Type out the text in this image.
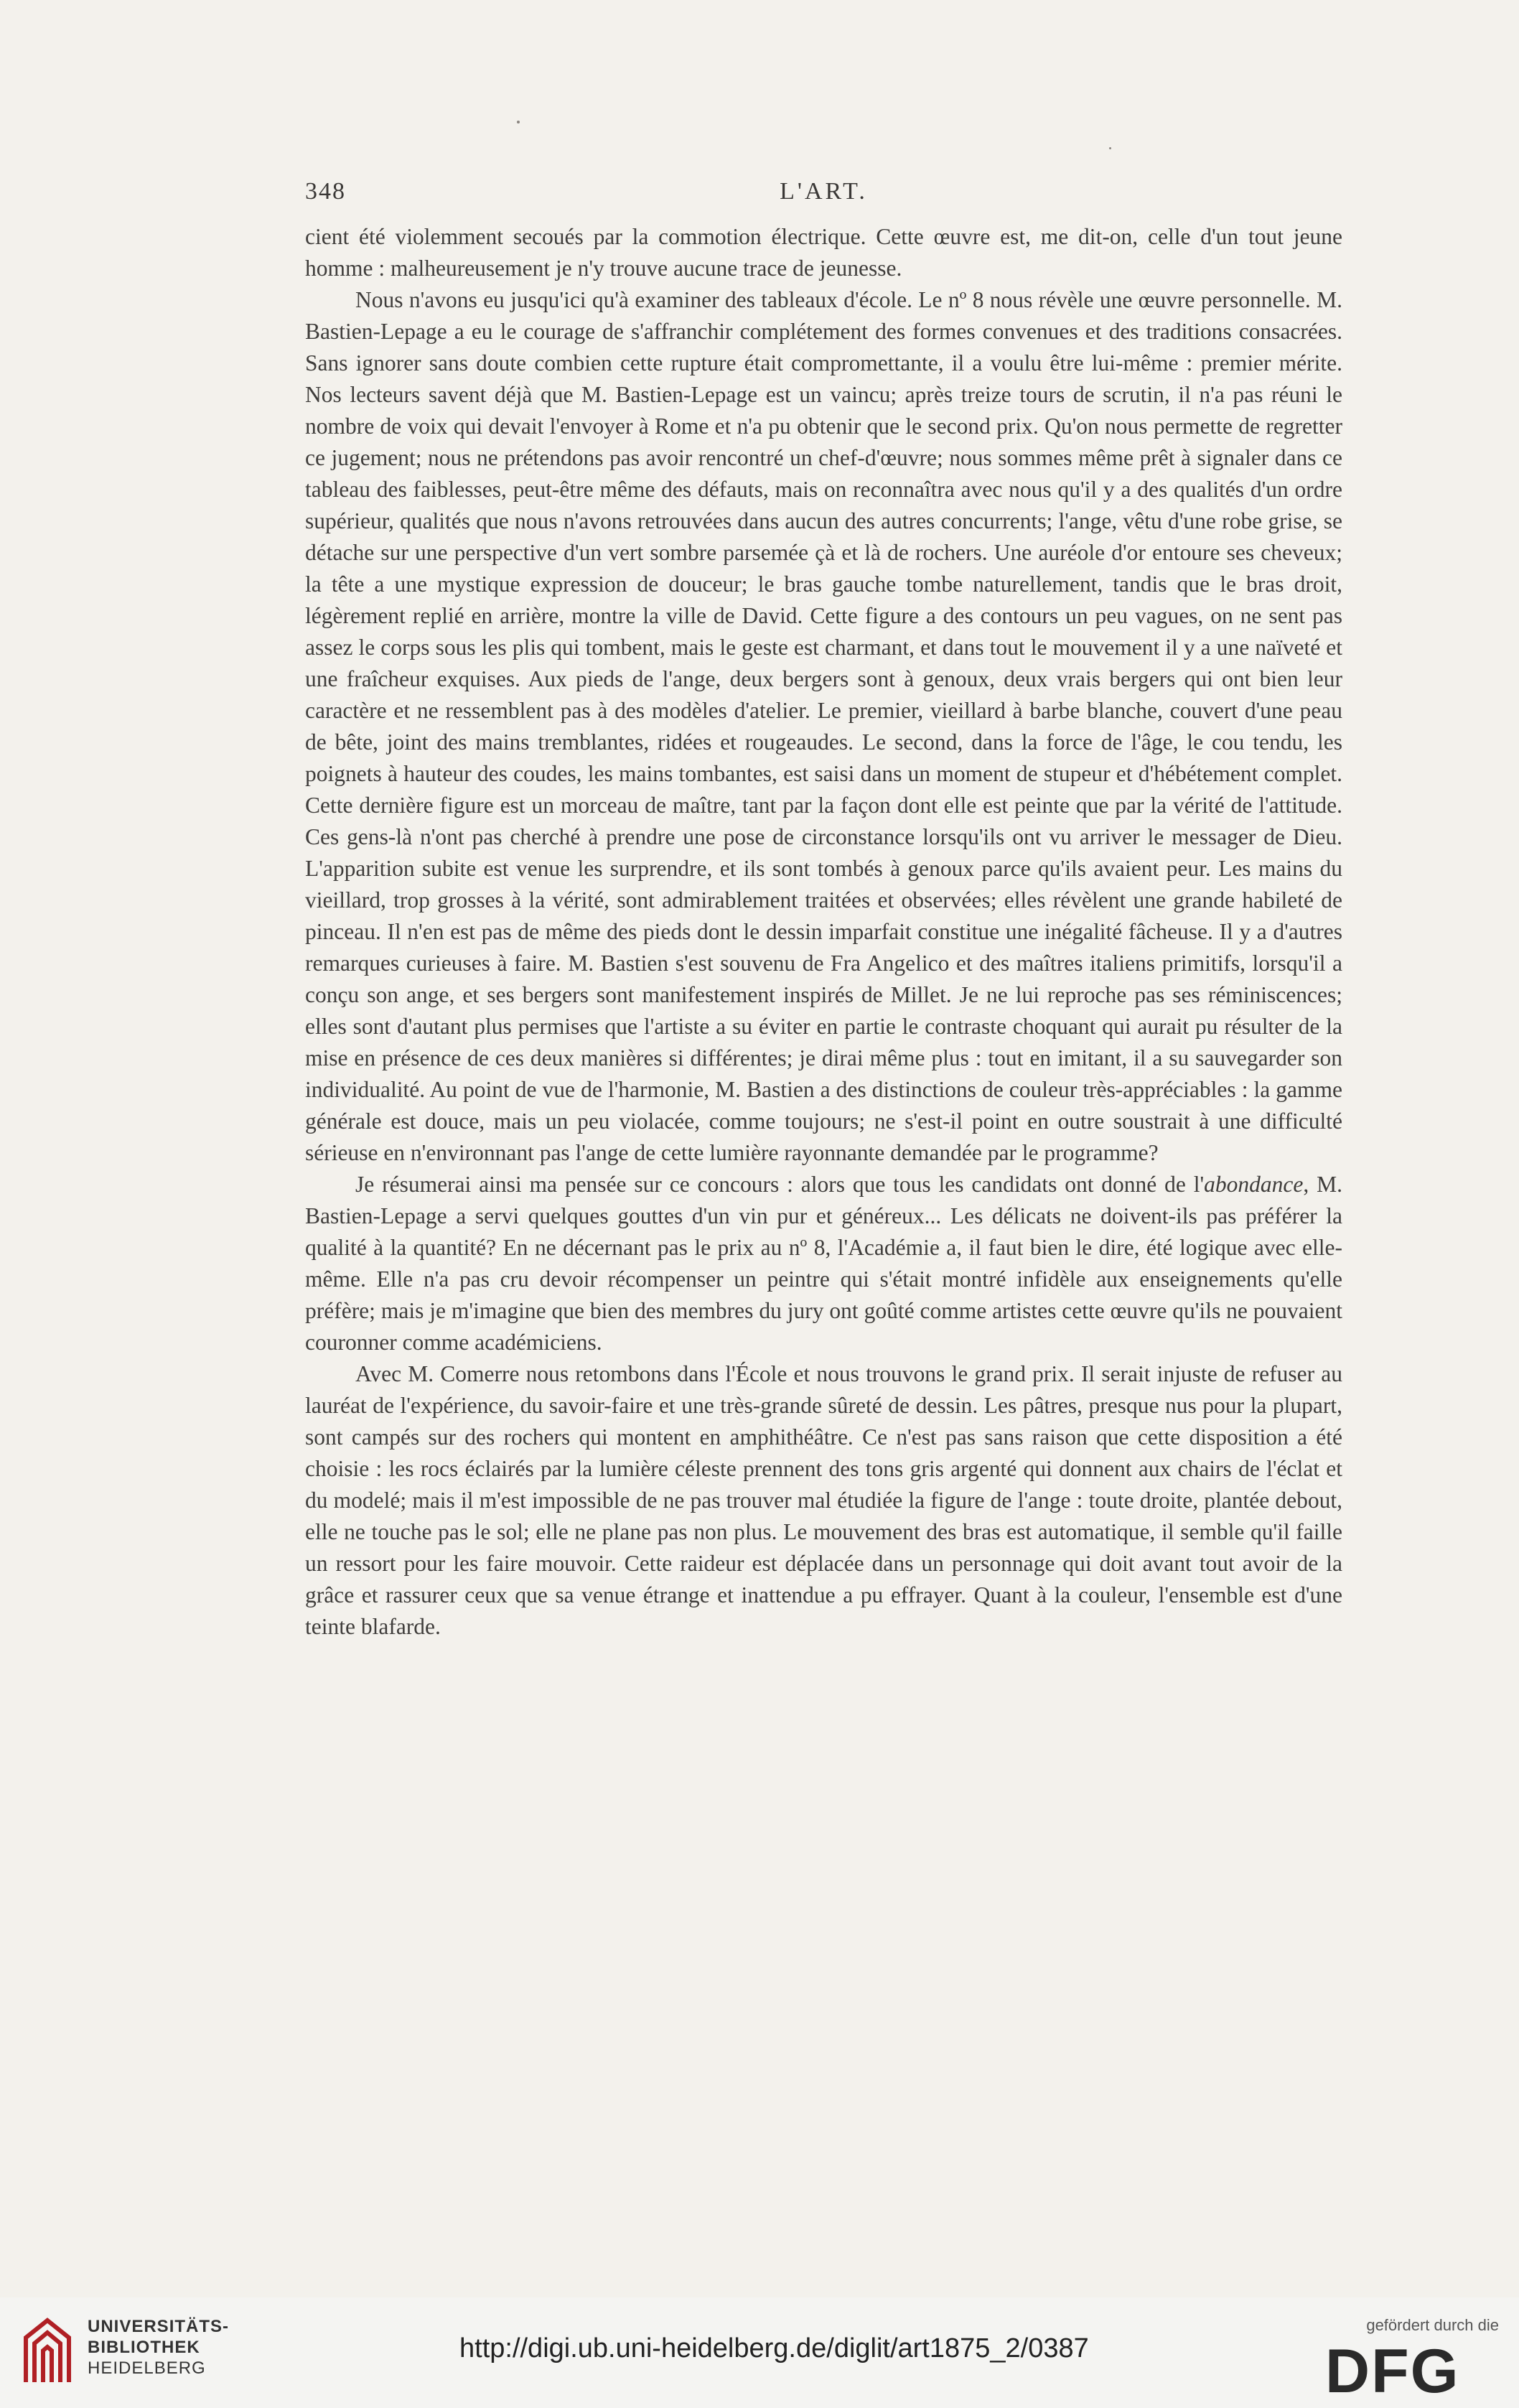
348	L'ART.

cient été violemment secoués par la commotion électrique. Cette œuvre est, me dit-on, celle d'un tout jeune homme : malheureusement je n'y trouve aucune trace de jeunesse.

Nous n'avons eu jusqu'ici qu'à examiner des tableaux d'école. Le nº 8 nous révèle une œuvre personnelle. M. Bastien-Lepage a eu le courage de s'affranchir complétement des formes convenues et des traditions consacrées. Sans ignorer sans doute combien cette rupture était compromettante, il a voulu être lui-même : premier mérite. Nos lecteurs savent déjà que M. Bastien-Lepage est un vaincu; après treize tours de scrutin, il n'a pas réuni le nombre de voix qui devait l'envoyer à Rome et n'a pu obtenir que le second prix. Qu'on nous permette de regretter ce jugement; nous ne prétendons pas avoir rencontré un chef-d'œuvre; nous sommes même prêt à signaler dans ce tableau des faiblesses, peut-être même des défauts, mais on reconnaîtra avec nous qu'il y a des qualités d'un ordre supérieur, qualités que nous n'avons retrouvées dans aucun des autres concurrents; l'ange, vêtu d'une robe grise, se détache sur une perspective d'un vert sombre parsemée çà et là de rochers. Une auréole d'or entoure ses cheveux; la tête a une mystique expression de douceur; le bras gauche tombe naturellement, tandis que le bras droit, légèrement replié en arrière, montre la ville de David. Cette figure a des contours un peu vagues, on ne sent pas assez le corps sous les plis qui tombent, mais le geste est charmant, et dans tout le mouvement il y a une naïveté et une fraîcheur exquises. Aux pieds de l'ange, deux bergers sont à genoux, deux vrais bergers qui ont bien leur caractère et ne ressemblent pas à des modèles d'atelier. Le premier, vieillard à barbe blanche, couvert d'une peau de bête, joint des mains tremblantes, ridées et rougeaudes. Le second, dans la force de l'âge, le cou tendu, les poignets à hauteur des coudes, les mains tombantes, est saisi dans un moment de stupeur et d'hébétement complet. Cette dernière figure est un morceau de maître, tant par la façon dont elle est peinte que par la vérité de l'attitude. Ces gens-là n'ont pas cherché à prendre une pose de circonstance lorsqu'ils ont vu arriver le messager de Dieu. L'apparition subite est venue les surprendre, et ils sont tombés à genoux parce qu'ils avaient peur. Les mains du vieillard, trop grosses à la vérité, sont admirablement traitées et observées; elles révèlent une grande habileté de pinceau. Il n'en est pas de même des pieds dont le dessin imparfait constitue une inégalité fâcheuse. Il y a d'autres remarques curieuses à faire. M. Bastien s'est souvenu de Fra Angelico et des maîtres italiens primitifs, lorsqu'il a conçu son ange, et ses bergers sont manifestement inspirés de Millet. Je ne lui reproche pas ses réminiscences; elles sont d'autant plus permises que l'artiste a su éviter en partie le contraste choquant qui aurait pu résulter de la mise en présence de ces deux manières si différentes; je dirai même plus : tout en imitant, il a su sauvegarder son individualité. Au point de vue de l'harmonie, M. Bastien a des distinctions de couleur très-appréciables : la gamme générale est douce, mais un peu violacée, comme toujours; ne s'est-il point en outre soustrait à une difficulté sérieuse en n'environnant pas l'ange de cette lumière rayonnante demandée par le programme?

Je résumerai ainsi ma pensée sur ce concours : alors que tous les candidats ont donné de l'abondance, M. Bastien-Lepage a servi quelques gouttes d'un vin pur et généreux... Les délicats ne doivent-ils pas préférer la qualité à la quantité? En ne décernant pas le prix au nº 8, l'Académie a, il faut bien le dire, été logique avec elle-même. Elle n'a pas cru devoir récompenser un peintre qui s'était montré infidèle aux enseignements qu'elle préfère; mais je m'imagine que bien des membres du jury ont goûté comme artistes cette œuvre qu'ils ne pouvaient couronner comme académiciens.

Avec M. Comerre nous retombons dans l'École et nous trouvons le grand prix. Il serait injuste de refuser au lauréat de l'expérience, du savoir-faire et une très-grande sûreté de dessin. Les pâtres, presque nus pour la plupart, sont campés sur des rochers qui montent en amphithéâtre. Ce n'est pas sans raison que cette disposition a été choisie : les rocs éclairés par la lumière céleste prennent des tons gris argenté qui donnent aux chairs de l'éclat et du modelé; mais il m'est impossible de ne pas trouver mal étudiée la figure de l'ange : toute droite, plantée debout, elle ne touche pas le sol; elle ne plane pas non plus. Le mouvement des bras est automatique, il semble qu'il faille un ressort pour les faire mouvoir. Cette raideur est déplacée dans un personnage qui doit avant tout avoir de la grâce et rassurer ceux que sa venue étrange et inattendue a pu effrayer. Quant à la couleur, l'ensemble est d'une teinte blafarde.

UNIVERSITÄTS-
BIBLIOTHEK
HEIDELBERG
http://digi.ub.uni-heidelberg.de/diglit/art1875_2/0387
gefördert durch die
DFG
